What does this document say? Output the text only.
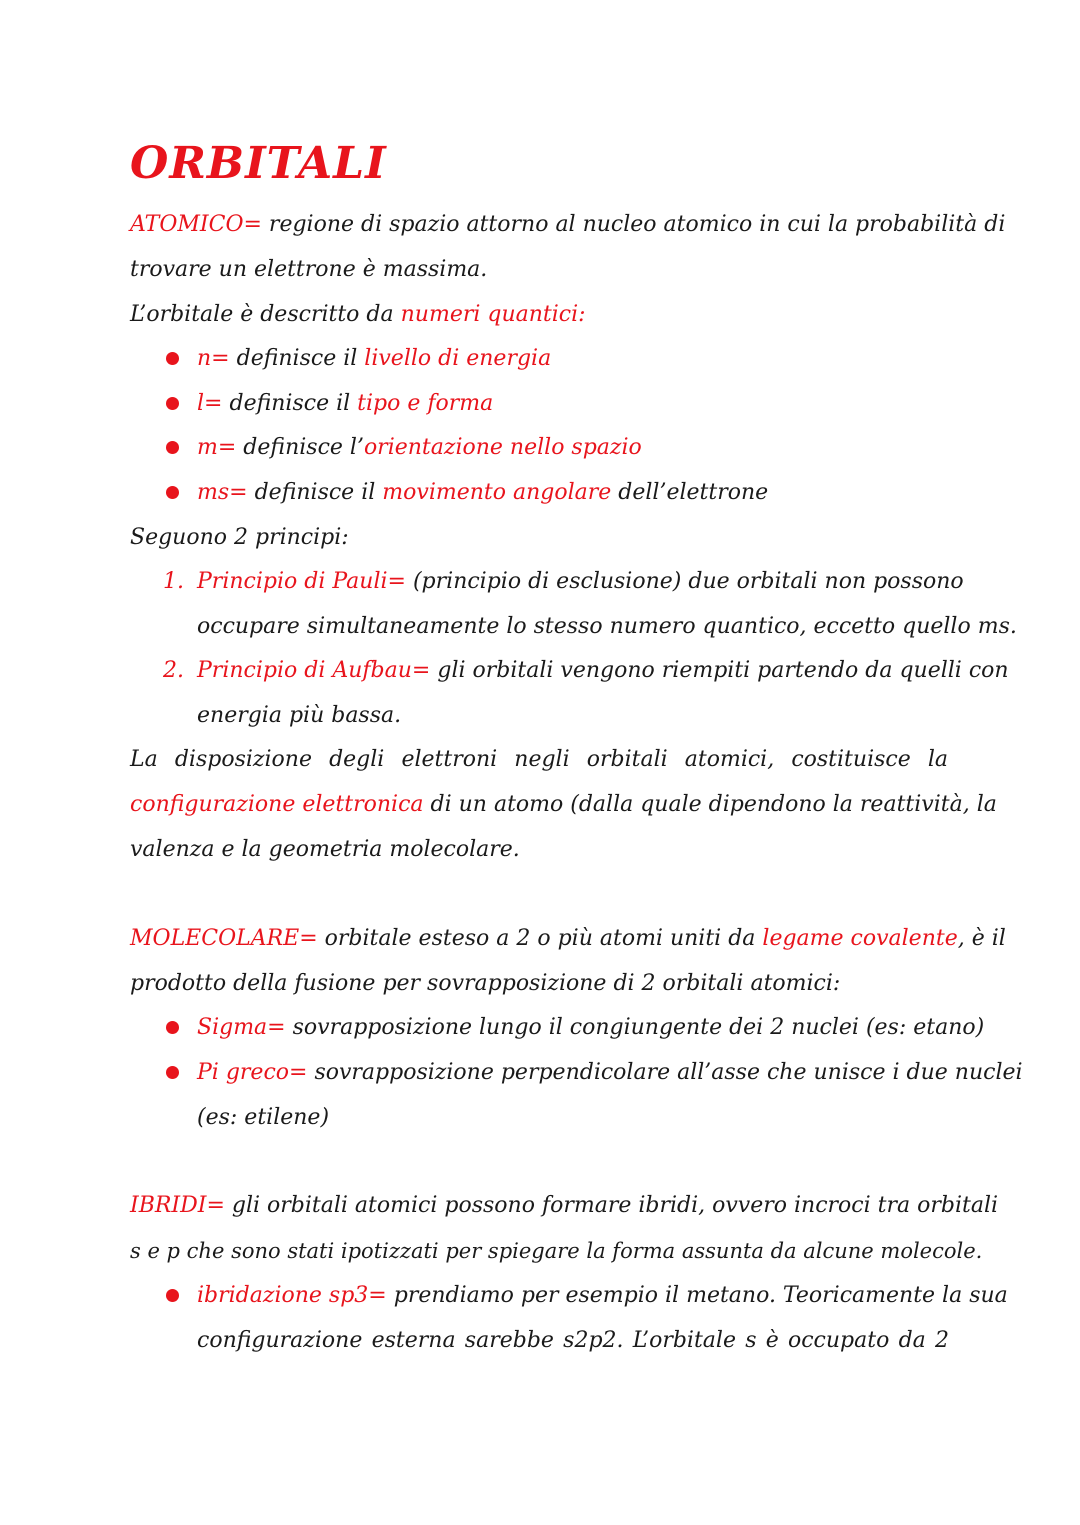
ORBITALI
ATOMICO= regione di spazio attorno al nucleo atomico in cui la probabilità di
trovare un elettrone è massima.
L’orbitale è descritto da numeri quantici:
n= definisce il livello di energia
l= definisce il tipo e forma
m= definisce l’orientazione nello spazio
ms= definisce il movimento angolare dell’elettrone
Seguono 2 principi:
1. Principio di Pauli= (principio di esclusione) due orbitali non possono
occupare simultaneamente lo stesso numero quantico, eccetto quello ms.
2. Principio di Aufbau= gli orbitali vengono riempiti partendo da quelli con
energia più bassa.
La disposizione degli elettroni negli orbitali atomici, costituisce la
configurazione elettronica di un atomo (dalla quale dipendono la reattività, la
valenza e la geometria molecolare.
MOLECOLARE= orbitale esteso a 2 o più atomi uniti da legame covalente, è il
prodotto della fusione per sovrapposizione di 2 orbitali atomici:
Sigma= sovrapposizione lungo il congiungente dei 2 nuclei (es: etano)
Pi greco= sovrapposizione perpendicolare all’asse che unisce i due nuclei
(es: etilene)
IBRIDI= gli orbitali atomici possono formare ibridi, ovvero incroci tra orbitali
s e p che sono stati ipotizzati per spiegare la forma assunta da alcune molecole.
ibridazione sp3= prendiamo per esempio il metano. Teoricamente la sua
configurazione esterna sarebbe s2p2. L’orbitale s è occupato da 2
